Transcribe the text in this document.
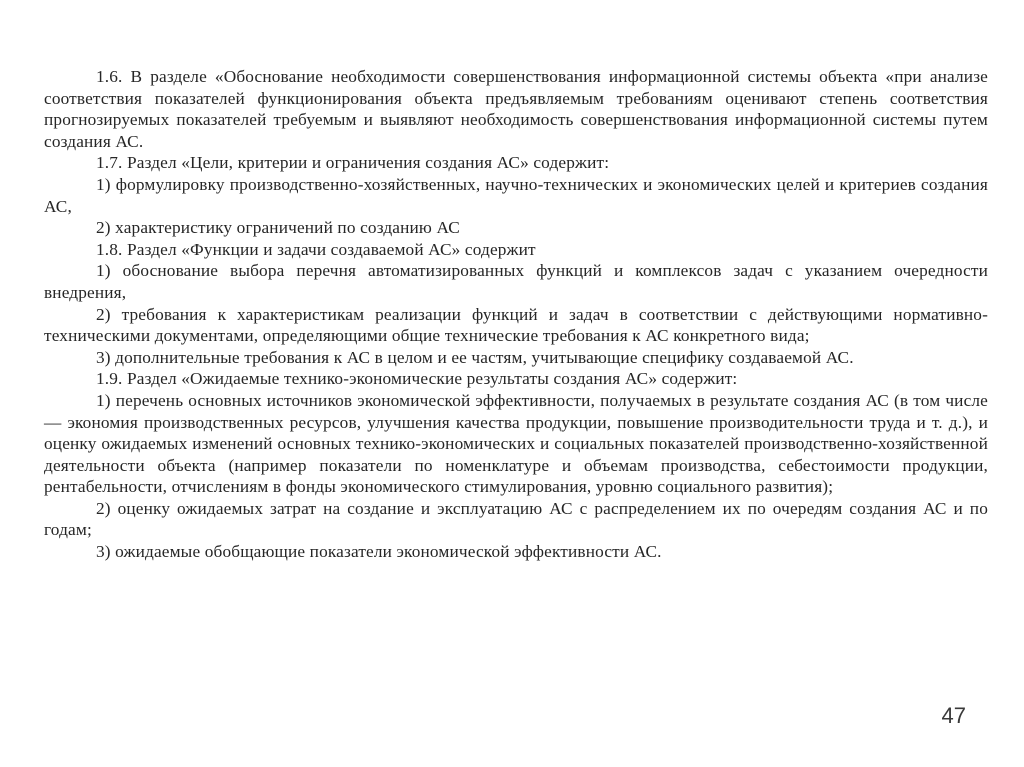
1.6. В разделе «Обоснование необходимости совершенствования информационной системы объекта «при анализе соответствия показателей функционирования объекта предъявляемым требованиям оценивают степень соответствия прогнозируемых показателей требуемым и выявляют необходимость совершенствования информационной системы путем создания АС.

1.7. Раздел «Цели, критерии и ограничения создания АС» содержит:

1) формулировку производственно-хозяйственных, научно-технических и экономических целей и критериев создания АС,

2) характеристику ограничений по созданию АС

1.8. Раздел «Функции и задачи создаваемой АС» содержит

1) обоснование выбора перечня автоматизированных функций и комплексов задач с указанием очередности внедрения,

2) требования к характеристикам реализации функций и задач в соответствии с действующими нормативно-техническими документами, определяющими общие технические требования к АС конкретного вида;

3) дополнительные требования к АС в целом и ее частям, учитывающие специфику создаваемой АС.

1.9. Раздел «Ожидаемые технико-экономические результаты создания АС» содержит:

1) перечень основных источников экономической эффективности, получаемых в результате создания АС (в том числе — экономия производственных ресурсов, улучшения качества продукции, повышение производительности труда и т. д.), и оценку ожидаемых изменений основных технико-экономических и социальных показателей производственно-хозяйственной деятельности объекта (например показатели по номенклатуре и объемам производства, себестоимости продукции, рентабельности, отчислениям в фонды экономического стимулирования, уровню социального развития);

2) оценку ожидаемых затрат на создание и эксплуатацию АС с распределением их по очередям создания АС и по годам;

3) ожидаемые обобщающие показатели экономической эффективности АС.

47
